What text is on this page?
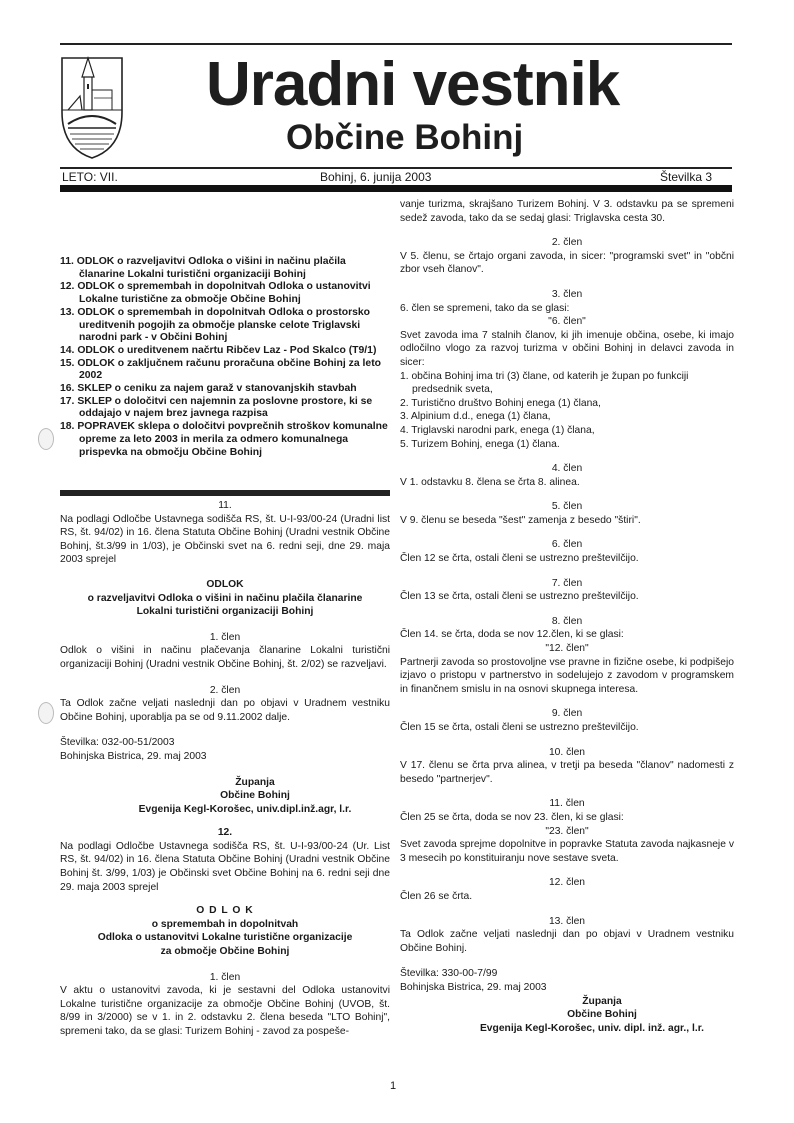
Uradni vestnik
Občine Bohinj
LETO: VII.	Bohinj, 6. junija 2003	Številka 3
11. ODLOK o razveljavitvi Odloka o višini in načinu plačila članarine Lokalni turistični organizaciji Bohinj
12. ODLOK o spremembah in dopolnitvah Odloka o ustanovitvi Lokalne turistične za območje Občine Bohinj
13. ODLOK o spremembah in dopolnitvah Odloka o prostorsko ureditvenih pogojih za območje planske celote Triglavski narodni park - v Občini Bohinj
14. ODLOK o ureditvenem načrtu Ribčev Laz - Pod Skalco (T9/1)
15. ODLOK o zaključnem računu proračuna občine Bohinj za leto 2002
16. SKLEP o ceniku za najem garaž v stanovanjskih stavbah
17. SKLEP o določitvi cen najemnin za poslovne prostore, ki se oddajajo v najem brez javnega razpisa
18. POPRAVEK sklepa o določitvi povprečnih stroškov komunalne opreme za leto 2003 in merila za odmero komunalnega prispevka na območju Občine Bohinj

11.

Na podlagi Odločbe Ustavnega sodišča RS, št. U-I-93/00-24 (Uradni list RS, št. 94/02) in 16. člena Statuta Občine Bohinj (Uradni vestnik Občine Bohinj, št.3/99 in 1/03), je Občinski svet na 6. redni seji, dne 29. maja 2003 sprejel

ODLOK

o razveljavitvi Odloka o višini in načinu plačila članarine Lokalni turistični organizaciji Bohinj

1. člen

Odlok o višini in načinu plačevanja članarine Lokalni turistični organizaciji Bohinj (Uradni vestnik Občine Bohinj, št. 2/02) se razveljavi.

2. člen

Ta Odlok začne veljati naslednji dan po objavi v Uradnem vestniku Občine Bohinj, uporablja pa se od 9.11.2002 dalje.

Številka: 032-00-51/2003

Bohinjska Bistrica, 29. maj 2003

Županja

Občine Bohinj

Evgenija Kegl-Korošec, univ.dipl.inž.agr, l.r.

12.

Na podlagi Odločbe Ustavnega sodišča RS, št. U-I-93/00-24 (Ur. List RS, št. 94/02) in 16. člena Statuta Občine Bohinj (Uradni vestnik Občine Bohinj št. 3/99, 1/03) je Občinski svet Občine Bohinj na 6. redni seji dne 29. maja 2003 sprejel

O D L O K

o spremembah in dopolnitvah

Odloka o ustanovitvi Lokalne turistične organizacije

za območje Občine Bohinj

1. člen

V aktu o ustanovitvi zavoda, ki je sestavni del Odloka ustanovitvi Lokalne turistične organizacije za območje Občine Bohinj (UVOB, št. 8/99 in 3/2000) se v 1. in 2. odstavku 2. člena beseda "LTO Bohinj", spremeni tako, da se glasi: Turizem Bohinj - zavod za pospeše-

vanje turizma, skrajšano Turizem Bohinj. V 3. odstavku pa se spremeni sedež zavoda, tako da se sedaj glasi: Triglavska cesta 30.

2. člen

V 5. členu, se črtajo organi zavoda, in sicer: "programski svet" in "občni zbor vseh članov".

3. člen

6. člen se spremeni, tako da se glasi:

"6. člen"

Svet zavoda ima 7 stalnih članov, ki jih imenuje občina, osebe, ki imajo odločilno vlogo za razvoj turizma v občini Bohinj in delavci zavoda in sicer:

1. občina Bohinj ima tri (3) člane, od katerih je župan po funkciji predsednik sveta,

2. Turistično društvo Bohinj enega (1) člana,

3. Alpinium d.d., enega (1) člana,

4. Triglavski narodni park, enega (1) člana,

5. Turizem Bohinj, enega (1) člana.

4. člen

V 1. odstavku 8. člena se črta 8. alinea.

5. člen

V 9. členu se beseda "šest" zamenja z besedo "štiri".

6. člen

Člen 12 se črta, ostali členi se ustrezno preštevilčijo.

7. člen

Člen 13 se črta, ostali členi se ustrezno preštevilčijo.

8. člen

Člen 14. se črta, doda se nov 12.člen, ki se glasi:

"12. člen"

Partnerji zavoda so prostovoljne vse pravne in fizične osebe, ki podpišejo izjavo o pristopu v partnerstvo in sodelujejo z zavodom v programskem in finančnem smislu in na osnovi skupnega interesa.

9. člen

Člen 15 se črta, ostali členi se ustrezno preštevilčijo.

10. člen

V 17. členu se črta prva alinea, v tretji pa beseda "članov" nadomesti z besedo "partnerjev".

11. člen

Člen 25 se črta, doda se nov 23. člen, ki se glasi:

"23. člen"

Svet zavoda sprejme dopolnitve in popravke Statuta zavoda najkasneje v 3 mesecih po konstituiranju nove sestave sveta.

12. člen

Člen 26 se črta.

13. člen

Ta Odlok začne veljati naslednji dan po objavi v Uradnem vestniku Občine Bohinj.

Številka: 330-00-7/99

Bohinjska Bistrica, 29. maj 2003

Županja

Občine Bohinj

Evgenija Kegl-Korošec, univ. dipl. inž. agr., l.r.

1
